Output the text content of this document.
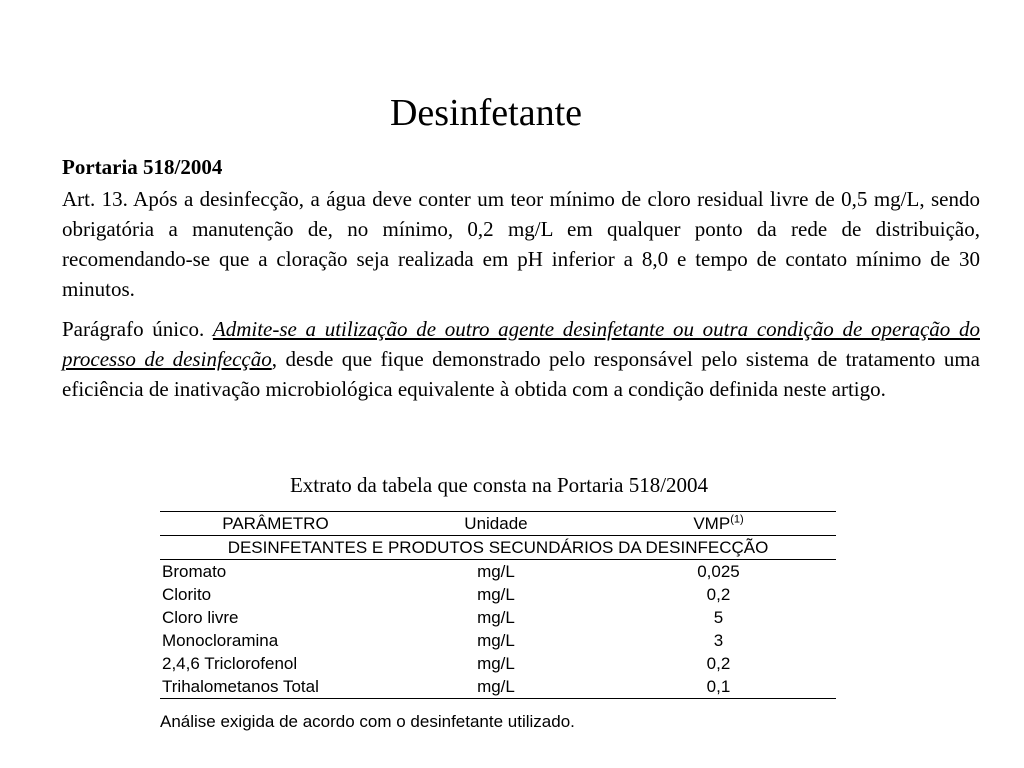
Desinfetante
Portaria 518/2004

Art. 13. Após a desinfecção, a água deve conter um teor mínimo de cloro residual livre de 0,5 mg/L, sendo obrigatória a manutenção de, no mínimo, 0,2 mg/L em qualquer ponto da rede de distribuição, recomendando-se que a cloração seja realizada em pH inferior a 8,0 e tempo de contato mínimo de 30 minutos.

Parágrafo único. Admite-se a utilização de outro agente desinfetante ou outra condição de operação do processo de desinfecção, desde que fique demonstrado pelo responsável pelo sistema de tratamento uma eficiência de inativação microbiológica equivalente à obtida com a condição definida neste artigo.

Extrato da tabela que consta na Portaria 518/2004
PARÂMETRO	Unidade	VMP$^{(1)}$
DESINFETANTES E PRODUTOS SECUNDÁRIOS DA DESINFECÇÃO		
Bromato	mg/L	0,025
Clorito	mg/L	0,2
Cloro livre	mg/L	5
Monocloramina	mg/L	3
2,4,6 Triclorofenol	mg/L	0,2
Trihalometanos Total	mg/L	0,1
Análise exigida de acordo com o desinfetante utilizado.
